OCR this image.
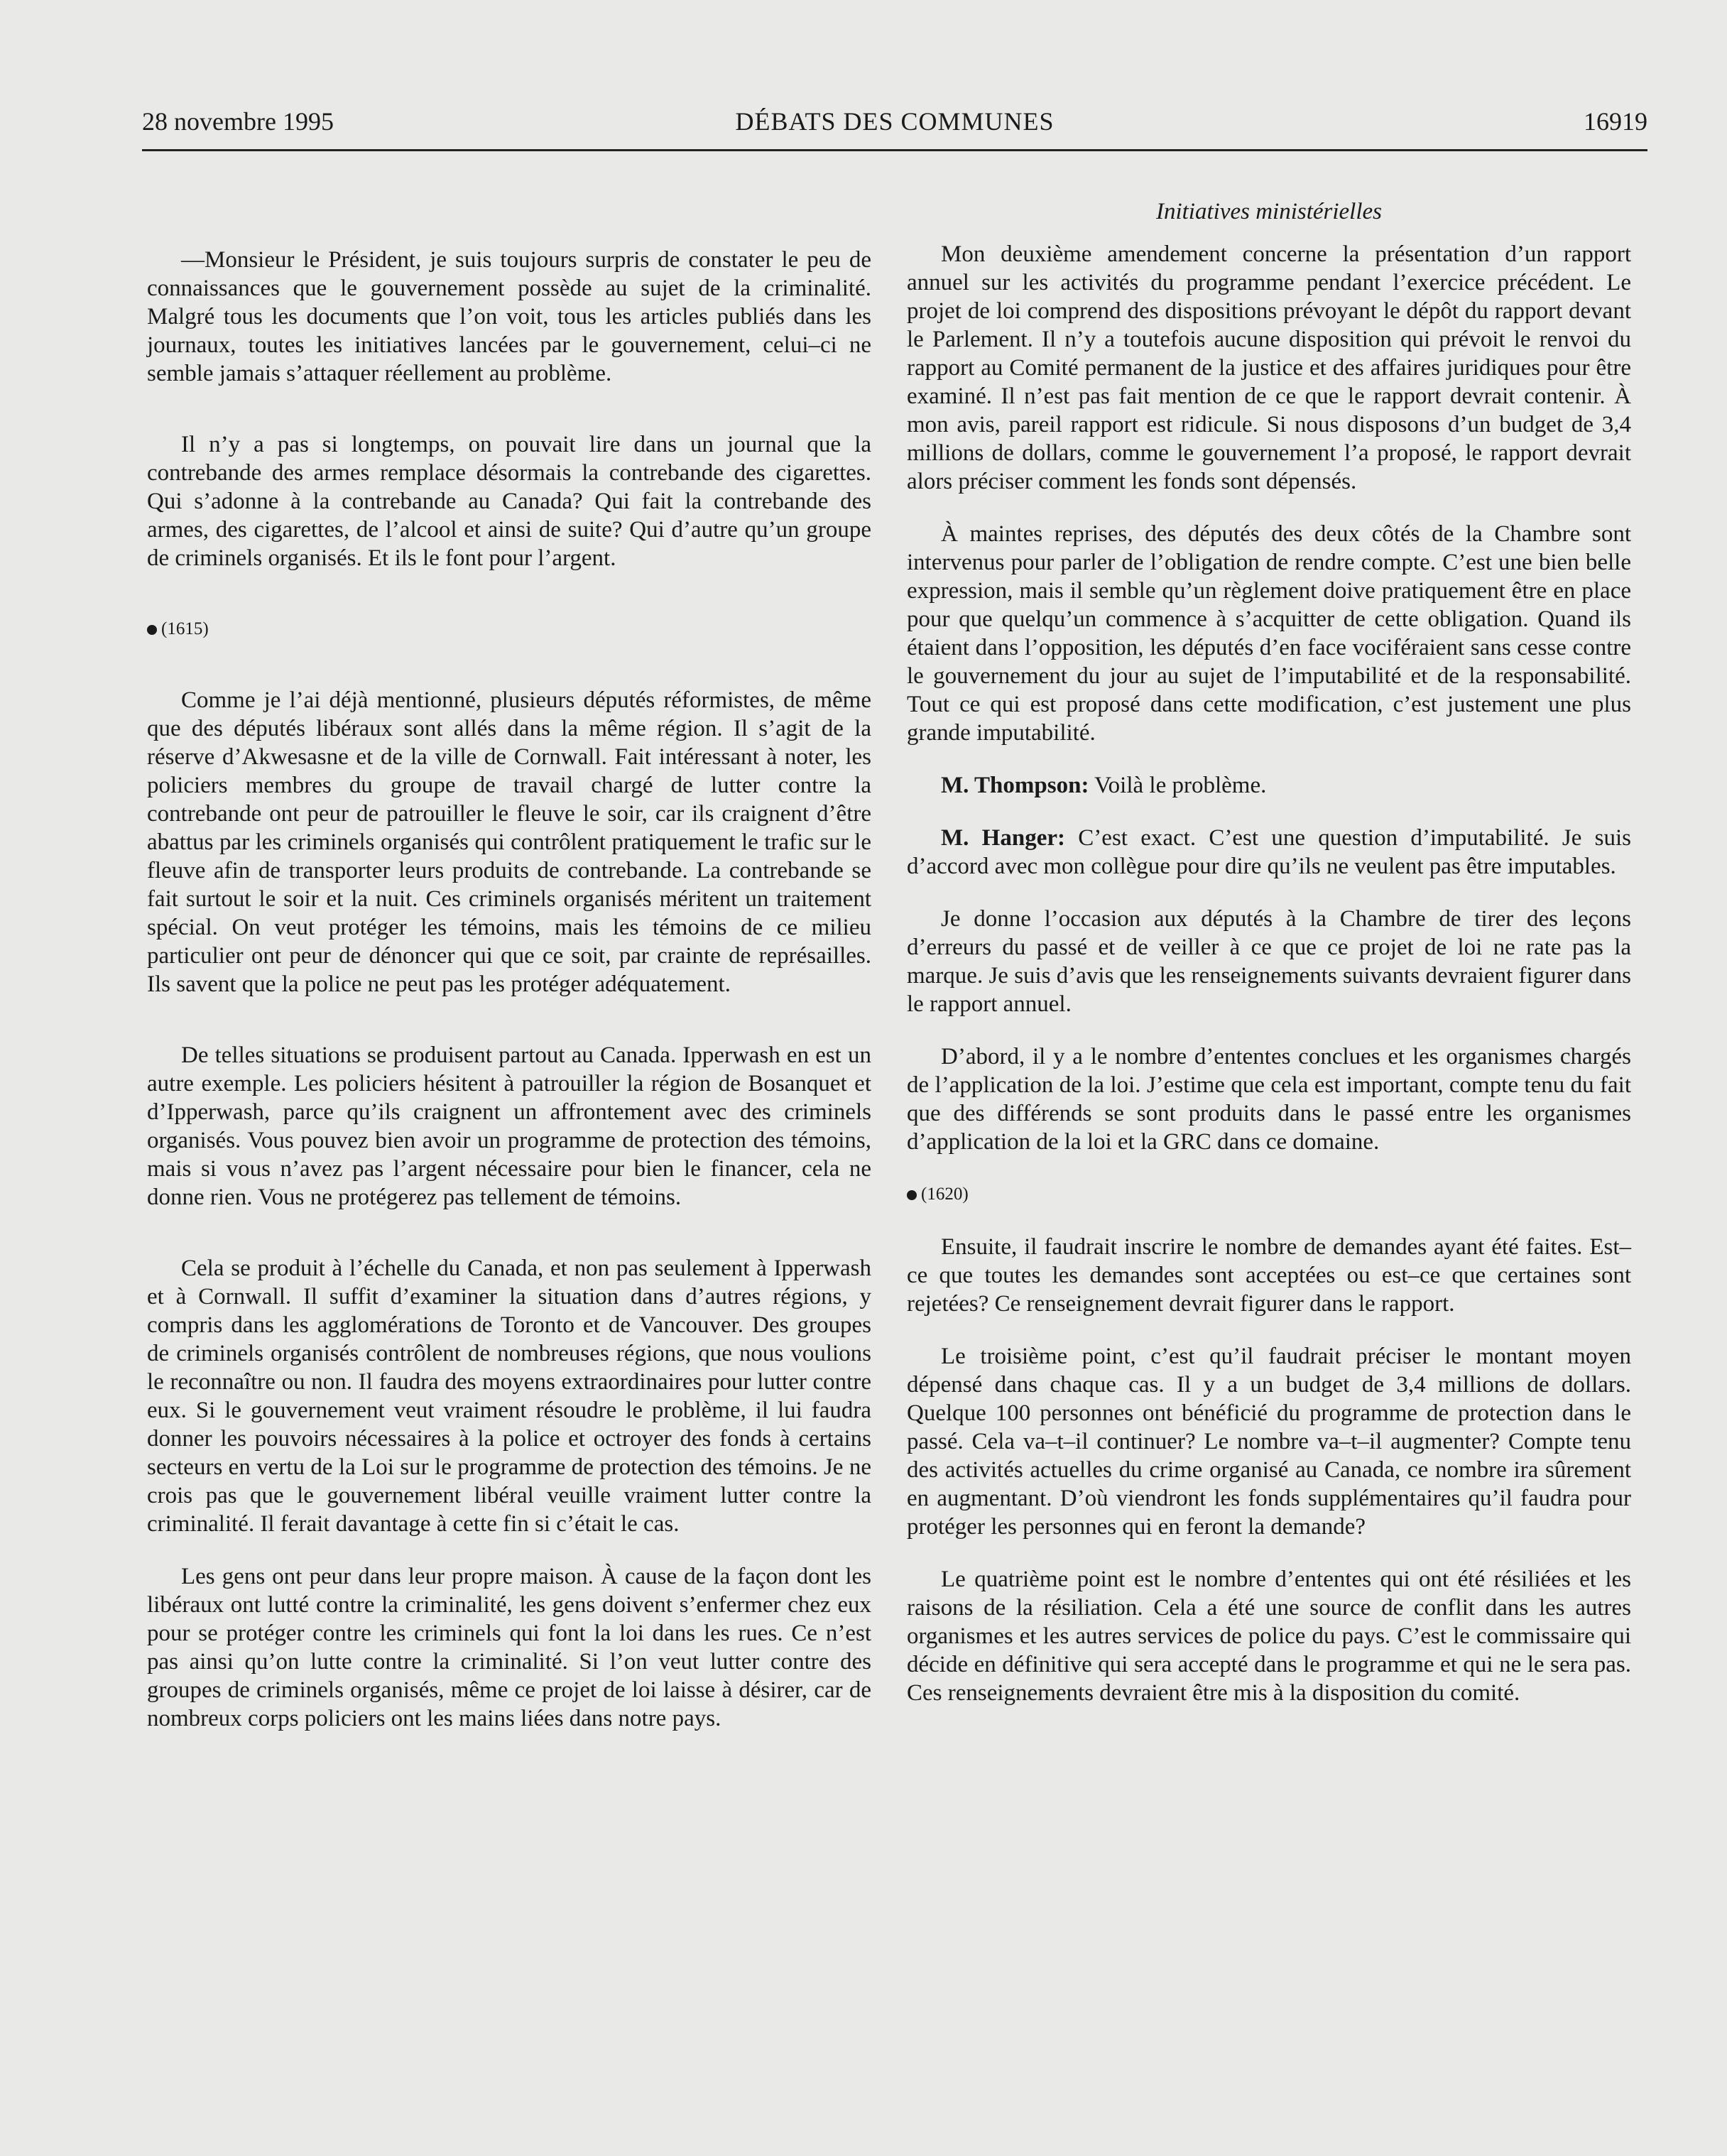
28 novembre 1995	DÉBATS DES COMMUNES	16919

—Monsieur le Président, je suis toujours surpris de constater le peu de connaissances que le gouvernement possède au sujet de la criminalité. Malgré tous les documents que l’on voit, tous les articles publiés dans les journaux, toutes les initiatives lancées par le gouvernement, celui–ci ne semble jamais s’attaquer réellement au problème.

Il n’y a pas si longtemps, on pouvait lire dans un journal que la contrebande des armes remplace désormais la contrebande des cigarettes. Qui s’adonne à la contrebande au Canada? Qui fait la contrebande des armes, des cigarettes, de l’alcool et ainsi de suite? Qui d’autre qu’un groupe de criminels organisés. Et ils le font pour l’argent.

(1615)

Comme je l’ai déjà mentionné, plusieurs députés réformistes, de même que des députés libéraux sont allés dans la même région. Il s’agit de la réserve d’Akwesasne et de la ville de Cornwall. Fait intéressant à noter, les policiers membres du groupe de travail chargé de lutter contre la contrebande ont peur de patrouiller le fleuve le soir, car ils craignent d’être abattus par les criminels organisés qui contrôlent pratiquement le trafic sur le fleuve afin de transporter leurs produits de contrebande. La contrebande se fait surtout le soir et la nuit. Ces criminels organisés méritent un traitement spécial. On veut protéger les témoins, mais les témoins de ce milieu particulier ont peur de dénoncer qui que ce soit, par crainte de représailles. Ils savent que la police ne peut pas les protéger adéquatement.

De telles situations se produisent partout au Canada. Ipperwash en est un autre exemple. Les policiers hésitent à patrouiller la région de Bosanquet et d’Ipperwash, parce qu’ils craignent un affrontement avec des criminels organisés. Vous pouvez bien avoir un programme de protection des témoins, mais si vous n’avez pas l’argent nécessaire pour bien le financer, cela ne donne rien. Vous ne protégerez pas tellement de témoins.

Cela se produit à l’échelle du Canada, et non pas seulement à Ipperwash et à Cornwall. Il suffit d’examiner la situation dans d’autres régions, y compris dans les agglomérations de Toronto et de Vancouver. Des groupes de criminels organisés contrôlent de nombreuses régions, que nous voulions le reconnaître ou non. Il faudra des moyens extraordinaires pour lutter contre eux. Si le gouvernement veut vraiment résoudre le problème, il lui faudra donner les pouvoirs nécessaires à la police et octroyer des fonds à certains secteurs en vertu de la Loi sur le programme de protection des témoins. Je ne crois pas que le gouvernement libéral veuille vraiment lutter contre la criminalité. Il ferait davantage à cette fin si c’était le cas.

Les gens ont peur dans leur propre maison. À cause de la façon dont les libéraux ont lutté contre la criminalité, les gens doivent s’enfermer chez eux pour se protéger contre les criminels qui font la loi dans les rues. Ce n’est pas ainsi qu’on lutte contre la criminalité. Si l’on veut lutter contre des groupes de criminels organisés, même ce projet de loi laisse à désirer, car de nombreux corps policiers ont les mains liées dans notre pays.

Initiatives ministérielles

Mon deuxième amendement concerne la présentation d’un rapport annuel sur les activités du programme pendant l’exercice précédent. Le projet de loi comprend des dispositions prévoyant le dépôt du rapport devant le Parlement. Il n’y a toutefois aucune disposition qui prévoit le renvoi du rapport au Comité permanent de la justice et des affaires juridiques pour être examiné. Il n’est pas fait mention de ce que le rapport devrait contenir. À mon avis, pareil rapport est ridicule. Si nous disposons d’un budget de 3,4 millions de dollars, comme le gouvernement l’a proposé, le rapport devrait alors préciser comment les fonds sont dépensés.

À maintes reprises, des députés des deux côtés de la Chambre sont intervenus pour parler de l’obligation de rendre compte. C’est une bien belle expression, mais il semble qu’un règlement doive pratiquement être en place pour que quelqu’un commence à s’acquitter de cette obligation. Quand ils étaient dans l’opposition, les députés d’en face vociféraient sans cesse contre le gouvernement du jour au sujet de l’imputabilité et de la responsabilité. Tout ce qui est proposé dans cette modification, c’est justement une plus grande imputabilité.

M. Thompson: Voilà le problème.

M. Hanger: C’est exact. C’est une question d’imputabilité. Je suis d’accord avec mon collègue pour dire qu’ils ne veulent pas être imputables.

Je donne l’occasion aux députés à la Chambre de tirer des leçons d’erreurs du passé et de veiller à ce que ce projet de loi ne rate pas la marque. Je suis d’avis que les renseignements suivants devraient figurer dans le rapport annuel.

D’abord, il y a le nombre d’ententes conclues et les organismes chargés de l’application de la loi. J’estime que cela est important, compte tenu du fait que des différends se sont produits dans le passé entre les organismes d’application de la loi et la GRC dans ce domaine.

(1620)

Ensuite, il faudrait inscrire le nombre de demandes ayant été faites. Est–ce que toutes les demandes sont acceptées ou est–ce que certaines sont rejetées? Ce renseignement devrait figurer dans le rapport.

Le troisième point, c’est qu’il faudrait préciser le montant moyen dépensé dans chaque cas. Il y a un budget de 3,4 millions de dollars. Quelque 100 personnes ont bénéficié du programme de protection dans le passé. Cela va–t–il continuer? Le nombre va–t–il augmenter? Compte tenu des activités actuelles du crime organisé au Canada, ce nombre ira sûrement en augmentant. D’où viendront les fonds supplémentaires qu’il faudra pour protéger les personnes qui en feront la demande?

Le quatrième point est le nombre d’ententes qui ont été résiliées et les raisons de la résiliation. Cela a été une source de conflit dans les autres organismes et les autres services de police du pays. C’est le commissaire qui décide en définitive qui sera accepté dans le programme et qui ne le sera pas. Ces renseignements devraient être mis à la disposition du comité.
